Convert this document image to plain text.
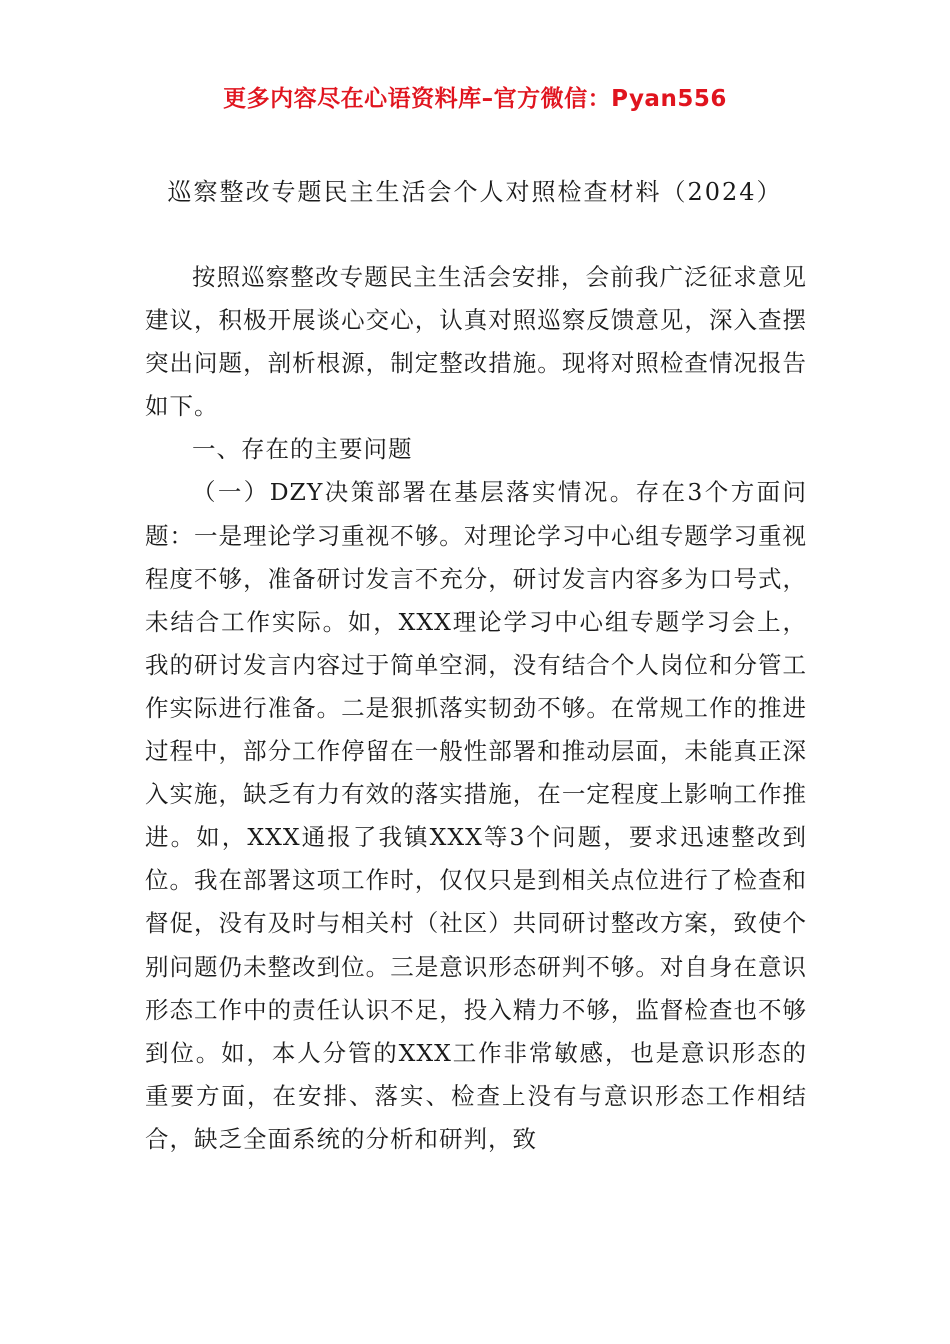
更多内容尽在心语资料库–官方微信：Pyan556
巡察整改专题民主生活会个人对照检查材料（2024）

按照巡察整改专题民主生活会安排，会前我广泛征求意见建议，积极开展谈心交心，认真对照巡察反馈意见，深入查摆突出问题，剖析根源，制定整改措施。现将对照检查情况报告如下。

一、存在的主要问题

（一）DZY决策部署在基层落实情况。存在3个方面问题：一是理论学习重视不够。对理论学习中心组专题学习重视程度不够，准备研讨发言不充分，研讨发言内容多为口号式，未结合工作实际。如，XXX理论学习中心组专题学习会上，我的研讨发言内容过于简单空洞，没有结合个人岗位和分管工作实际进行准备。二是狠抓落实韧劲不够。在常规工作的推进过程中，部分工作停留在一般性部署和推动层面，未能真正深入实施，缺乏有力有效的落实措施，在一定程度上影响工作推进。如，XXX通报了我镇XXX等3个问题，要求迅速整改到位。我在部署这项工作时，仅仅只是到相关点位进行了检查和督促，没有及时与相关村（社区）共同研讨整改方案，致使个别问题仍未整改到位。三是意识形态研判不够。对自身在意识形态工作中的责任认识不足，投入精力不够，监督检查也不够到位。如，本人分管的XXX工作非常敏感，也是意识形态的重要方面，在安排、落实、检查上没有与意识形态工作相结合，缺乏全面系统的分析和研判，致
